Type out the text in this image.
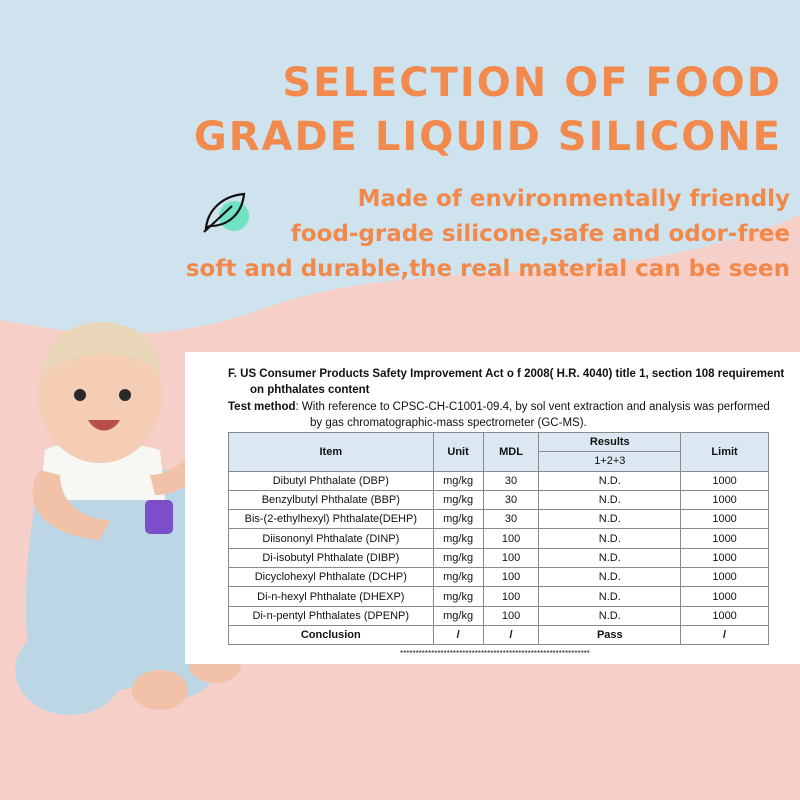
SELECTION OF FOOD
GRADE LIQUID SILICONE
Made of environmentally friendly
food-grade silicone,safe and odor-free
soft and durable,the real material can be seen
F. US Consumer Products Safety Improvement Act o f 2008( H.R. 4040) title 1, section 108 requirement
on phthalates content
Test method: With reference to CPSC-CH-C1001-09.4, by sol vent extraction and analysis was performed
by gas chromatographic-mass spectrometer (GC-MS).
Item	Unit	MDL	Results	Limit
			1+2+3	
Dibutyl Phthalate (DBP)	mg/kg	30	N.D.	1000
Benzylbutyl Phthalate (BBP)	mg/kg	30	N.D.	1000
Bis-(2-ethylhexyl) Phthalate(DEHP)	mg/kg	30	N.D.	1000
Diisononyl Phthalate (DINP)	mg/kg	100	N.D.	1000
Di-isobutyl Phthalate (DIBP)	mg/kg	100	N.D.	1000
Dicyclohexyl Phthalate (DCHP)	mg/kg	100	N.D.	1000
Di-n-hexyl Phthalate (DHEXP)	mg/kg	100	N.D.	1000
Di-n-pentyl Phthalates (DPENP)	mg/kg	100	N.D.	1000
Conclusion	/	/	Pass	/
*************************************************************
